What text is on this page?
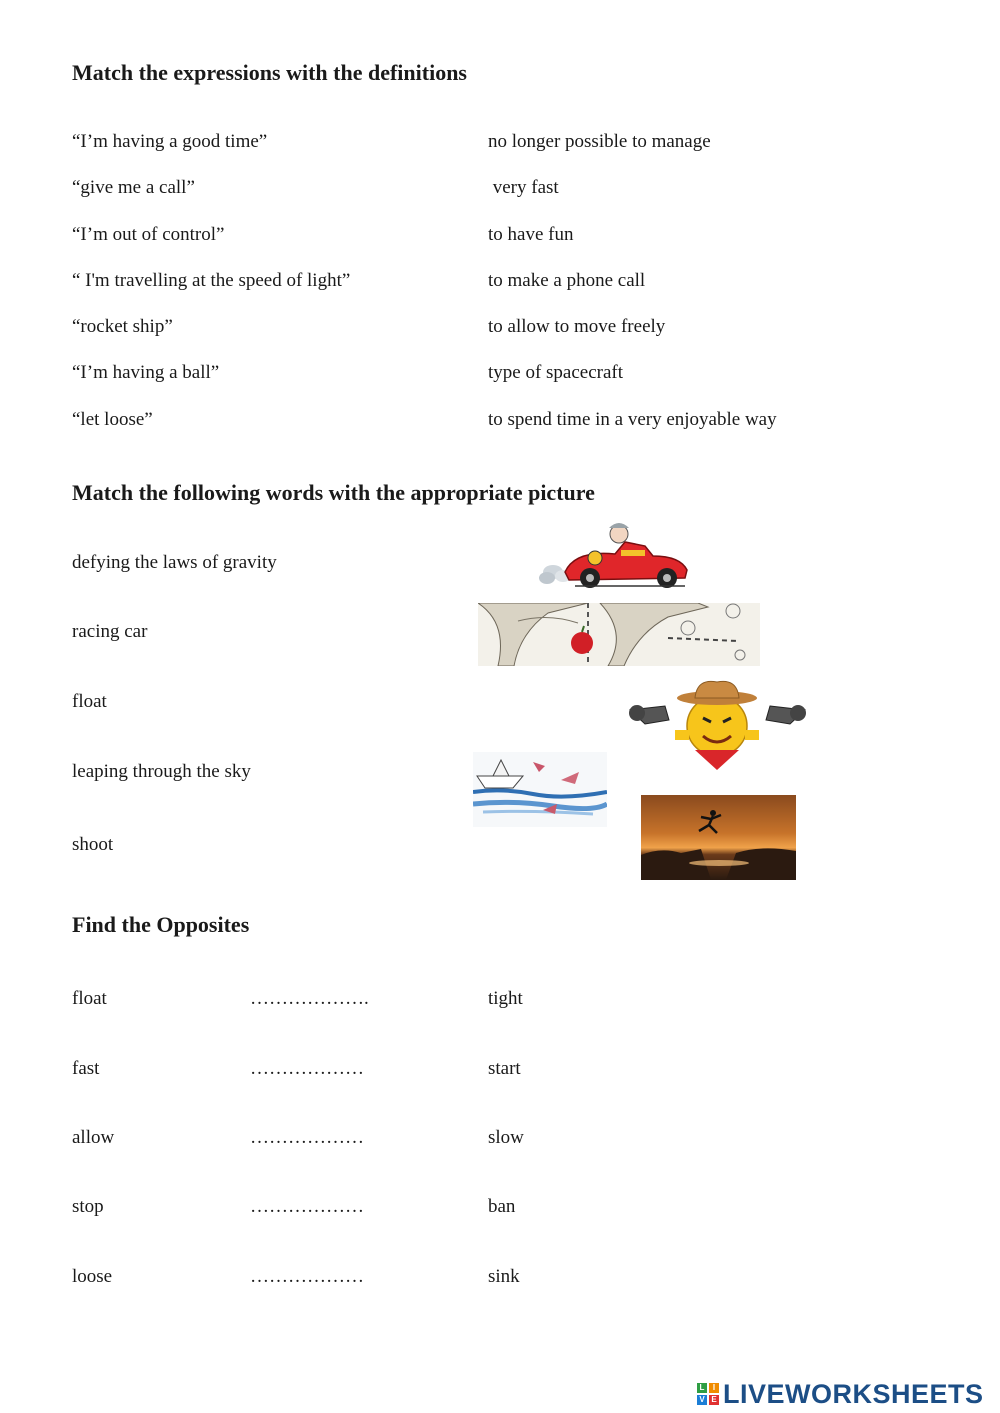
Match the expressions with the definitions
“I’m having a good time”	no longer possible to manage
“give me a call”	very fast
“I’m out of control”	to have fun
“ I'm travelling at the speed of light”	to make a phone call
“rocket ship”	to allow to move freely
“I’m having a ball”	type of spacecraft
“let loose”	to spend time in a very enjoyable way
Match the following words with the appropriate picture
defying the laws of gravity
racing car
float
leaping through the sky
shoot
Find the Opposites
float	……………….	tight
fast	………………	start
allow	………………	slow
stop	………………	ban
loose	………………	sink
L	I
V E LIVEWORKSHEETS
